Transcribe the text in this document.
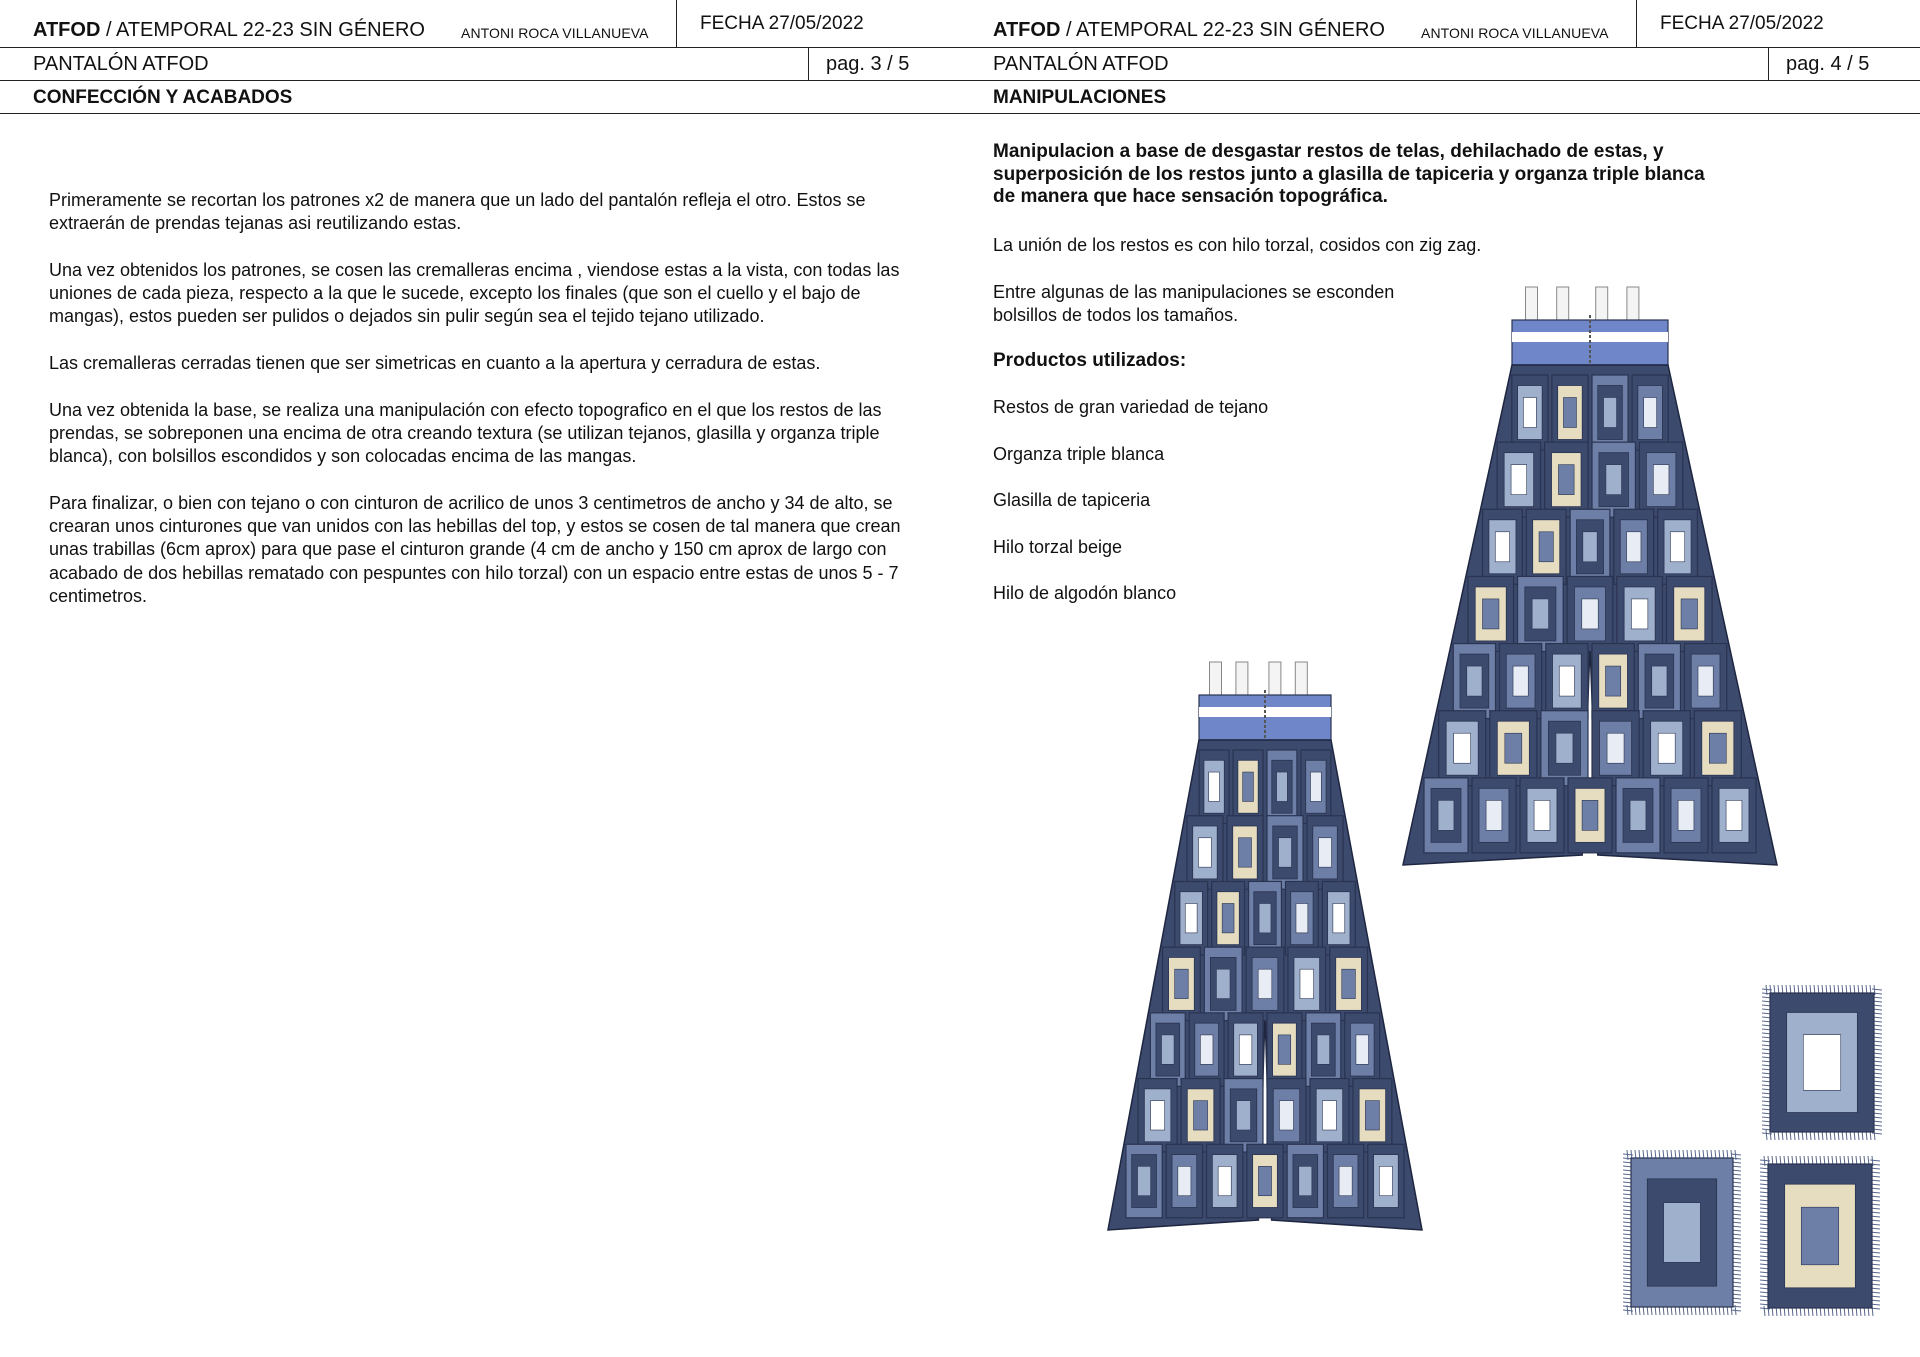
ATFOD / ATEMPORAL 22-23 SIN GÉNERO	ANTONI ROCA VILLANUEVA	FECHA 27/05/2022
PANTALÓN ATFOD	pag. 3 / 5
CONFECCIÓN Y ACABADOS

Primeramente se recortan los patrones x2 de manera que un lado del pantalón refleja el otro. Estos se extraerán de prendas tejanas asi reutilizando estas.

Una vez obtenidos los patrones, se cosen las cremalleras encima , viendose estas a la vista, con todas las uniones de cada pieza, respecto a la que le sucede, excepto los finales (que son el cuello y el bajo de mangas), estos pueden ser pulidos o dejados sin pulir según sea el tejido tejano utilizado.

Las cremalleras cerradas tienen que ser simetricas en cuanto a la apertura y cerradura de estas.

Una vez obtenida la base, se realiza una manipulación con efecto topografico en el que los restos de las prendas, se sobreponen una encima de otra creando textura (se utilizan tejanos, glasilla y organza triple blanca), con bolsillos escondidos y son colocadas encima de las mangas.

Para finalizar, o bien con tejano o con cinturon de acrilico de unos 3 centimetros de ancho y 34 de alto, se crearan unos cinturones que van unidos con las hebillas del top, y estos se cosen de tal manera que crean unas trabillas (6cm aprox) para que pase el cinturon grande (4 cm de ancho y 150 cm aprox de largo con acabado de dos hebillas rematado con pespuntes con hilo torzal) con un espacio entre estas de unos 5 - 7 centimetros.

ATFOD / ATEMPORAL 22-23 SIN GÉNERO	ANTONI ROCA VILLANUEVA	FECHA 27/05/2022
PANTALÓN ATFOD	pag. 4 / 5
MANIPULACIONES
Manipulacion a base de desgastar restos de telas, dehilachado de estas, y superposición de los restos junto a glasilla de tapiceria y organza triple blanca de manera que hace sensación topográfica.
La unión de los restos es con hilo torzal, cosidos con zig zag.
Entre algunas de las manipulaciones se esconden
bolsillos de todos los tamaños.
Productos utilizados:
Restos de gran variedad de tejano
Organza triple blanca
Glasilla de tapiceria
Hilo torzal beige
Hilo de algodón blanco
